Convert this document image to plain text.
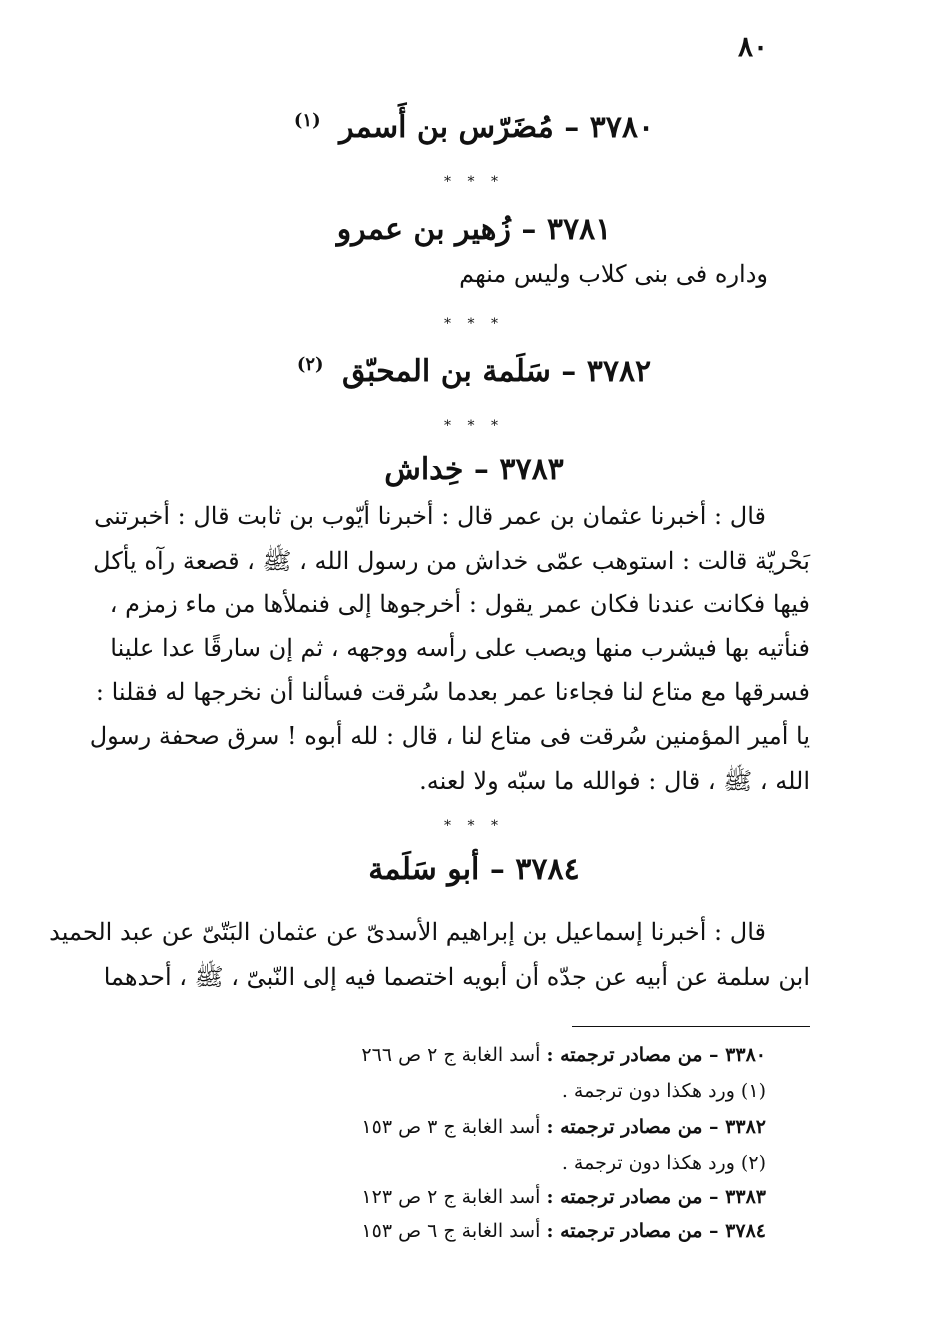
٨٠
٣٧٨٠ – مُضَرّس بن أَسمر $^{(١)}$
* * *
٣٧٨١ – زُهير بن عمرو
وداره فى بنى كلاب وليس منهم
* * *
٣٧٨٢ – سَلَمة بن المحبّق $^{(٢)}$
* * *
٣٧٨٣ – خِداش
قال : أخبرنا عثمان بن عمر قال : أخبرنا أيّوب بن ثابت قال : أخبرتنى
بَحْريّة قالت : استوهب عمّى خداش من رسول الله ، ﷺ ، قصعة رآه يأكل
فيها فكانت عندنا فكان عمر يقول : أخرجوها إلى فنملأها من ماء زمزم ،
فنأتيه بها فيشرب منها ويصب على رأسه ووجهه ، ثم إن سارقًا عدا علينا
فسرقها مع متاع لنا فجاءنا عمر بعدما سُرقت فسألنا أن نخرجها له فقلنا :
يا أمير المؤمنين سُرقت فى متاع لنا ، قال : لله أبوه ! سرق صحفة رسول
الله ، ﷺ ، قال : فوالله ما سبّه ولا لعنه.
* * *
٣٧٨٤ – أبو سَلَمة
قال : أخبرنا إسماعيل بن إبراهيم الأسدىّ عن عثمان البَتّىّ عن عبد الحميد
ابن سلمة عن أبيه عن جدّه أن أبويه اختصما فيه إلى النّبىّ ، ﷺ ، أحدهما
٣٣٨٠ – من مصادر ترجمته : أسد الغابة ج ٢ ص ٢٦٦
(١) ورد هكذا دون ترجمة .
٣٣٨٢ – من مصادر ترجمته : أسد الغابة ج ٣ ص ١٥٣
(٢) ورد هكذا دون ترجمة .
٣٣٨٣ – من مصادر ترجمته : أسد الغابة ج ٢ ص ١٢٣
٣٧٨٤ – من مصادر ترجمته : أسد الغابة ج ٦ ص ١٥٣
